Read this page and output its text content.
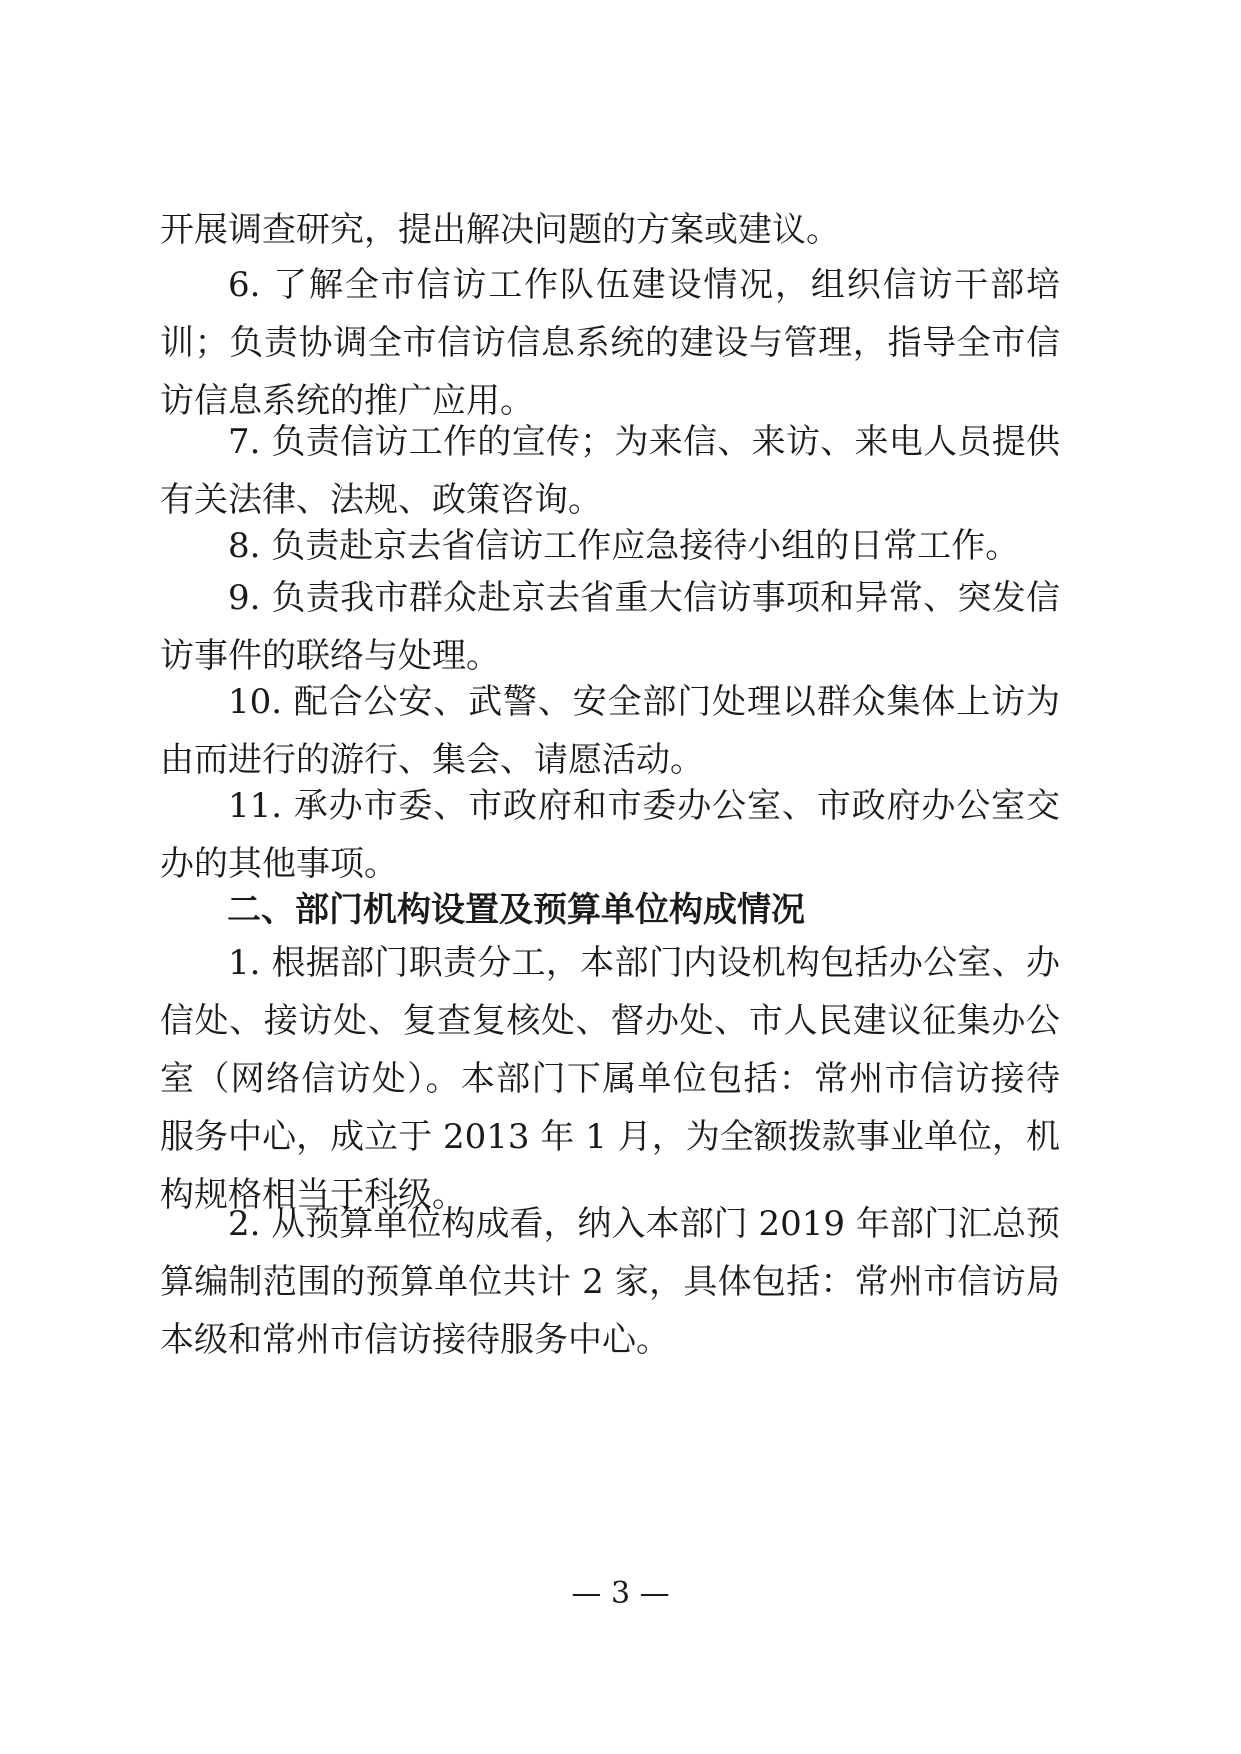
开展调查研究，提出解决问题的方案或建议。

6. 了解全市信访工作队伍建设情况，组织信访干部培训；负责协调全市信访信息系统的建设与管理，指导全市信访信息系统的推广应用。

7. 负责信访工作的宣传；为来信、来访、来电人员提供有关法律、法规、政策咨询。

8. 负责赴京去省信访工作应急接待小组的日常工作。

9. 负责我市群众赴京去省重大信访事项和异常、突发信访事件的联络与处理。

10. 配合公安、武警、安全部门处理以群众集体上访为由而进行的游行、集会、请愿活动。

11. 承办市委、市政府和市委办公室、市政府办公室交办的其他事项。

二、部门机构设置及预算单位构成情况

1. 根据部门职责分工，本部门内设机构包括办公室、办信处、接访处、复查复核处、督办处、市人民建议征集办公室（网络信访处）。本部门下属单位包括：常州市信访接待服务中心，成立于 2013 年 1 月，为全额拨款事业单位，机构规格相当于科级。

2. 从预算单位构成看，纳入本部门 2019 年部门汇总预算编制范围的预算单位共计 2 家，具体包括：常州市信访局本级和常州市信访接待服务中心。

— 3 —
